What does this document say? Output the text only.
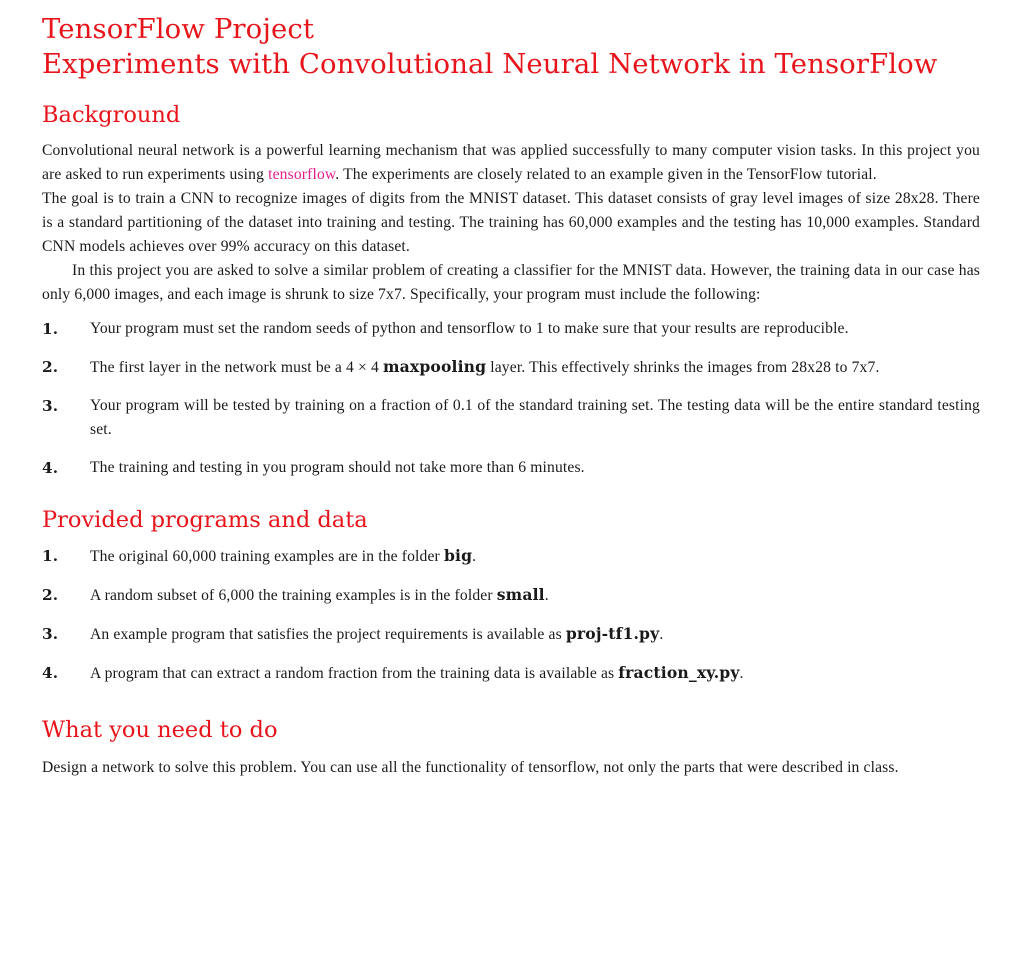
TensorFlow Project
Experiments with Convolutional Neural Network in TensorFlow
Background

Convolutional neural network is a powerful learning mechanism that was applied successfully to many computer vision tasks. In this project you are asked to run experiments using tensorflow. The experiments are closely related to an example given in the TensorFlow tutorial.

The goal is to train a CNN to recognize images of digits from the MNIST dataset. This dataset consists of gray level images of size 28x28. There is a standard partitioning of the dataset into training and testing. The training has 60,000 examples and the testing has 10,000 examples. Standard CNN models achieves over 99% accuracy on this dataset.

In this project you are asked to solve a similar problem of creating a classifier for the MNIST data. However, the training data in our case has only 6,000 images, and each image is shrunk to size 7x7. Specifically, your program must include the following:

1. Your program must set the random seeds of python and tensorflow to 1 to make sure that your results are reproducible.
2. The first layer in the network must be a 4 × 4 maxpooling layer. This effectively shrinks the images from 28x28 to 7x7.
3. Your program will be tested by training on a fraction of 0.1 of the standard training set. The testing data will be the entire standard testing set.
4. The training and testing in you program should not take more than 6 minutes.
Provided programs and data
1. The original 60,000 training examples are in the folder big.
2. A random subset of 6,000 the training examples is in the folder small.
3. An example program that satisfies the project requirements is available as proj-tf1.py.
4. A program that can extract a random fraction from the training data is available as fraction_xy.py.
What you need to do

Design a network to solve this problem. You can use all the functionality of tensorflow, not only the parts that were described in class.
